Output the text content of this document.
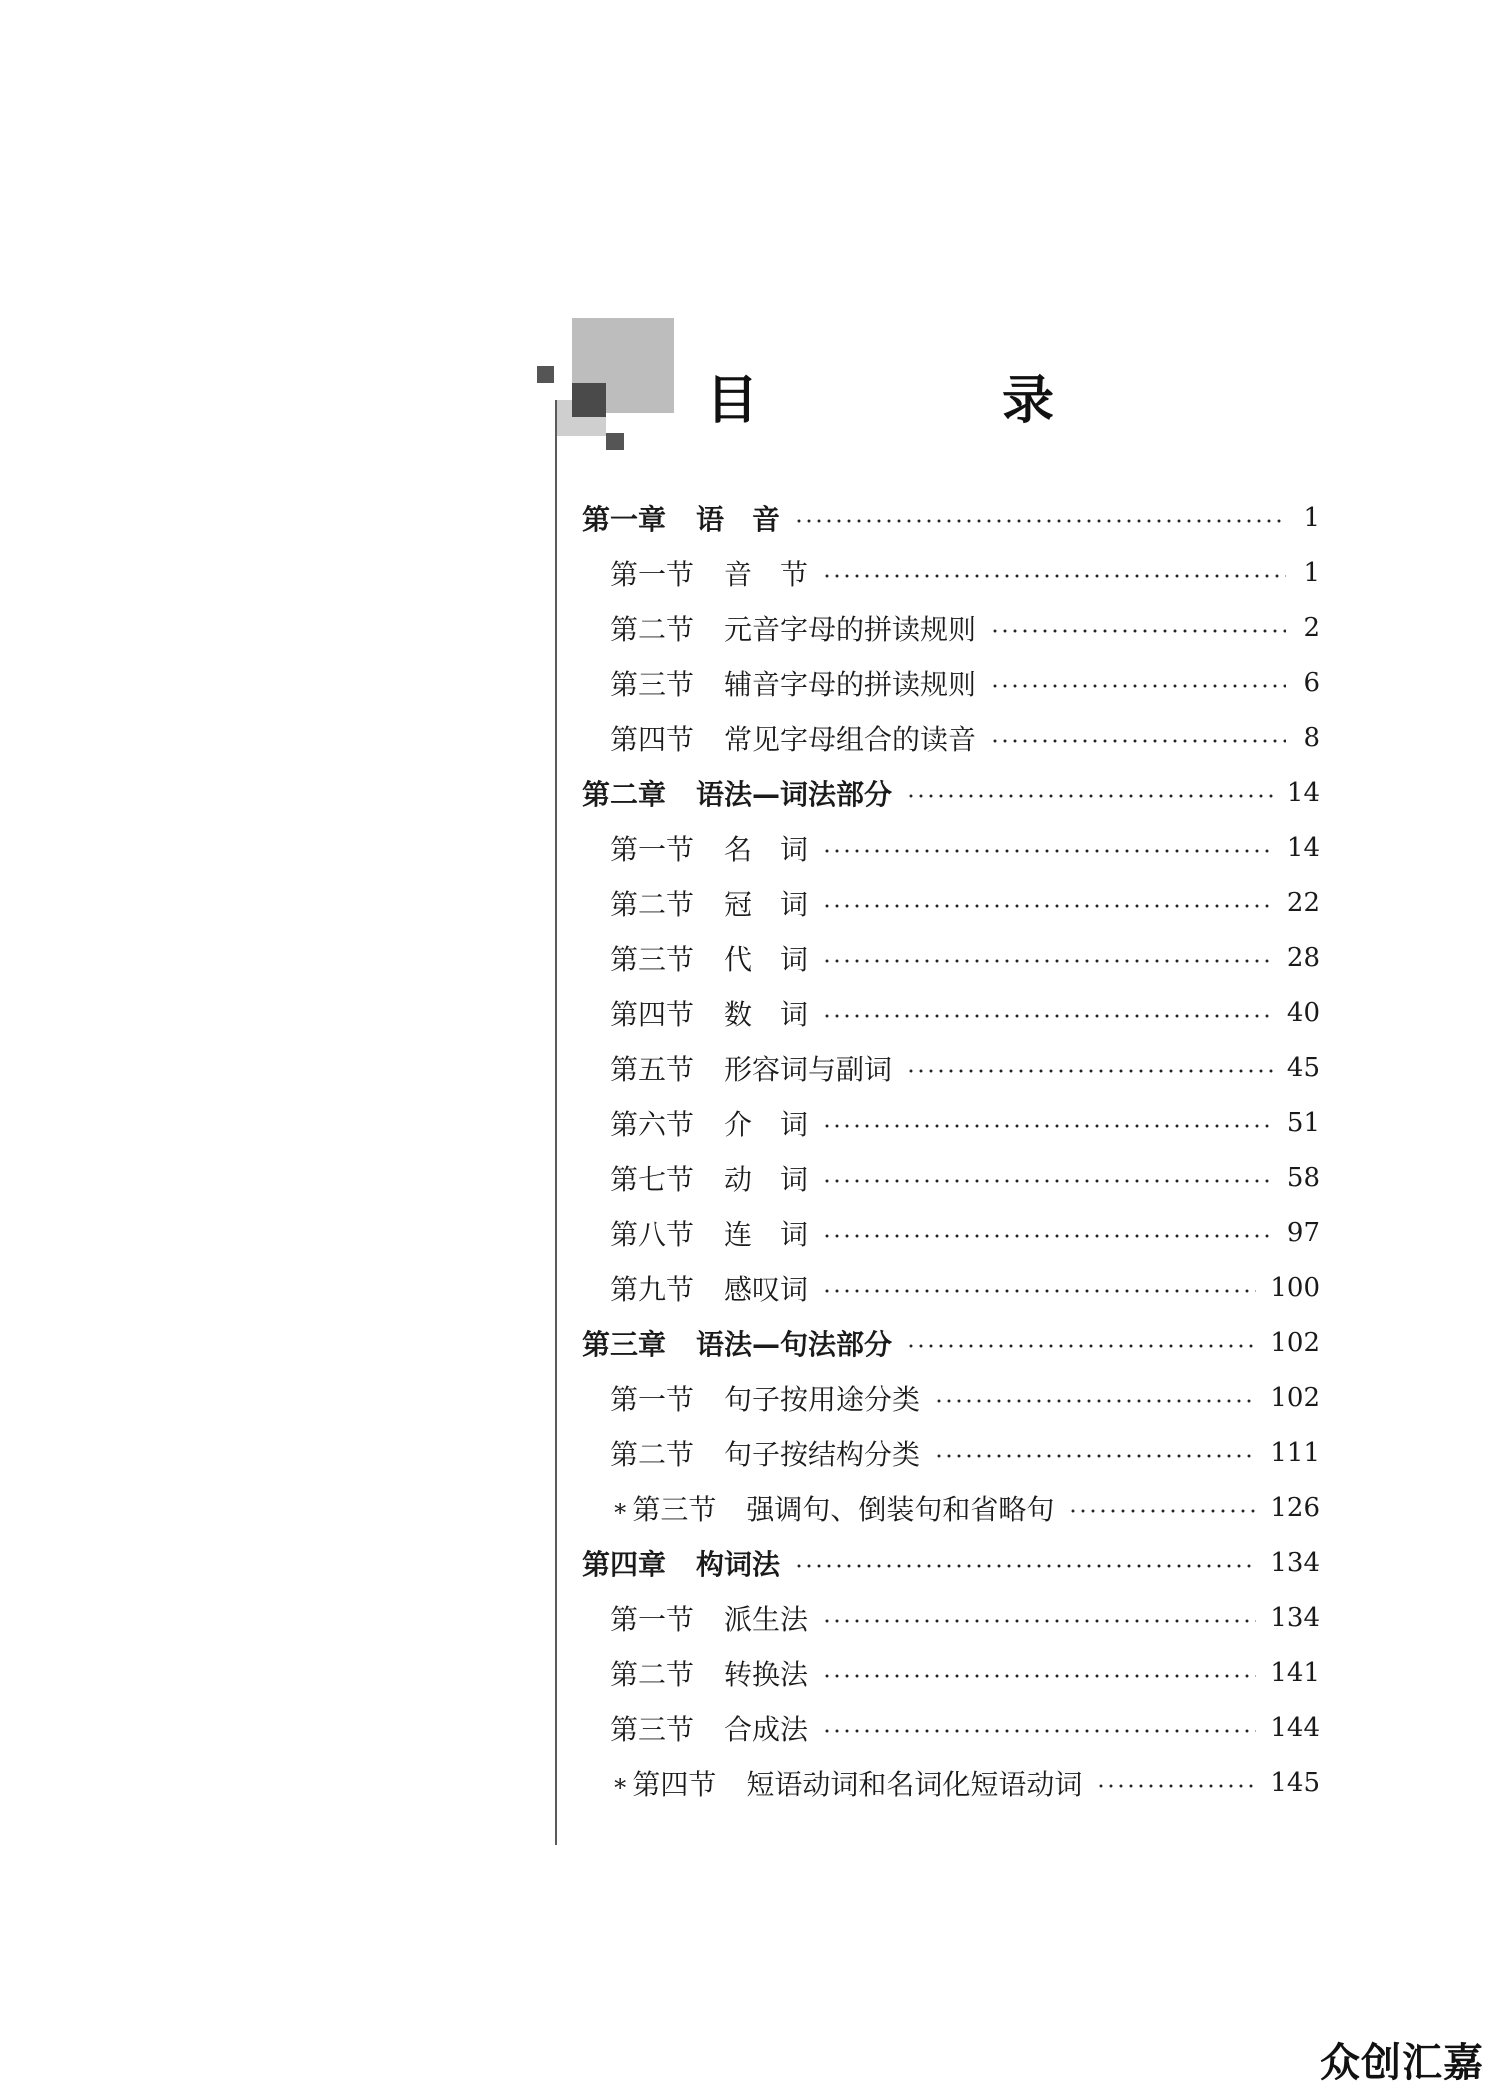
目　录
第一章 语　音	1
第一节 音　节	1
第二节 元音字母的拼读规则	2
第三节 辅音字母的拼读规则	6
第四节 常见字母组合的读音	8
第二章 语法—词法部分	14
第一节 名　词	14
第二节 冠　词	22
第三节 代　词	28
第四节 数　词	40
第五节 形容词与副词	45
第六节 介　词	51
第七节 动　词	58
第八节 连　词	97
第九节 感叹词	100
第三章 语法—句法部分	102
第一节 句子按用途分类	102
第二节 句子按结构分类	111
∗ 第三节 强调句、倒装句和省略句	126
第四章 构词法	134
第一节 派生法	134
第二节 转换法	141
第三节 合成法	144
∗ 第四节 短语动词和名词化短语动词	145
众创汇嘉
